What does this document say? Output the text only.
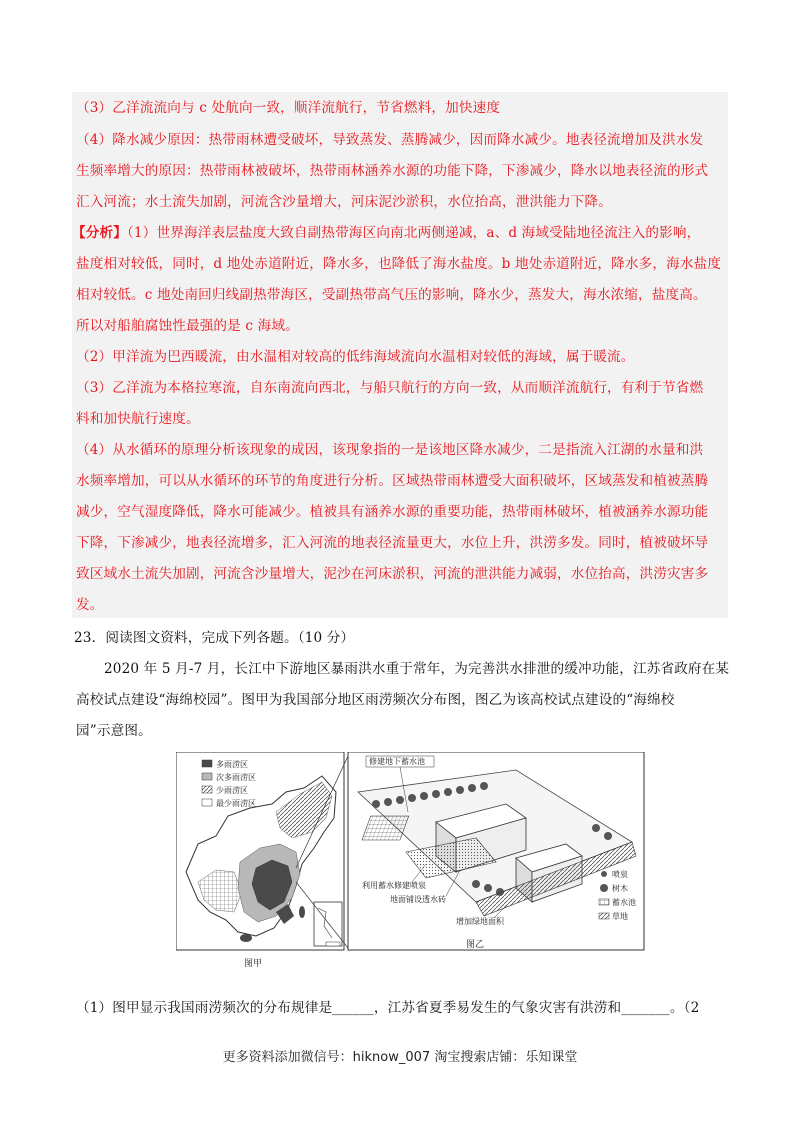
（3）乙洋流流向与 c 处航向一致，顺洋流航行，节省燃料，加快速度
（4）降水减少原因：热带雨林遭受破坏，导致蒸发、蒸腾减少，因而降水减少。地表径流增加及洪水发
生频率增大的原因：热带雨林被破坏，热带雨林涵养水源的功能下降，下渗减少，降水以地表径流的形式
汇入河流；水土流失加剧，河流含沙量增大，河床泥沙淤积，水位抬高，泄洪能力下降。
【分析】（1）世界海洋表层盐度大致自副热带海区向南北两侧递减，a、d 海域受陆地径流注入的影响，
盐度相对较低，同时，d 地处赤道附近，降水多，也降低了海水盐度。b 地处赤道附近，降水多，海水盐度
相对较低。c 地处南回归线副热带海区，受副热带高气压的影响，降水少，蒸发大，海水浓缩，盐度高。
所以对船舶腐蚀性最强的是 c 海域。
（2）甲洋流为巴西暖流，由水温相对较高的低纬海域流向水温相对较低的海域，属于暖流。
（3）乙洋流为本格拉寒流，自东南流向西北，与船只航行的方向一致，从而顺洋流航行，有利于节省燃
料和加快航行速度。
（4）从水循环的原理分析该现象的成因，该现象指的一是该地区降水减少，二是指流入江湖的水量和洪
水频率增加，可以从水循环的环节的角度进行分析。区域热带雨林遭受大面积破坏，区域蒸发和植被蒸腾
减少，空气湿度降低，降水可能减少。植被具有涵养水源的重要功能，热带雨林破坏，植被涵养水源功能
下降，下渗减少，地表径流增多，汇入河流的地表径流量更大，水位上升，洪涝多发。同时，植被破坏导
致区域水土流失加剧，河流含沙量增大，泥沙在河床淤积，河流的泄洪能力减弱，水位抬高，洪涝灾害多
发。
23．阅读图文资料，完成下列各题。（10 分）
2020 年 5 月-7 月，长江中下游地区暴雨洪水重于常年，为完善洪水排泄的缓冲功能，江苏省政府在某
高校试点建设“海绵校园”。图甲为我国部分地区雨涝频次分布图，图乙为该高校试点建设的“海绵校
园”示意图。
多雨涝区
次多雨涝区
少雨涝区
最少雨涝区
图甲
修建地下蓄水池
利用蓄水修建喷泉
地面铺设透水砖
增加绿地面积
喷泉
树木
蓄水池
草地
图乙
（1）图甲显示我国雨涝频次的分布规律是______，江苏省夏季易发生的气象灾害有洪涝和_______。（2
更多资料添加微信号：hiknow_007 淘宝搜索店铺：乐知课堂
